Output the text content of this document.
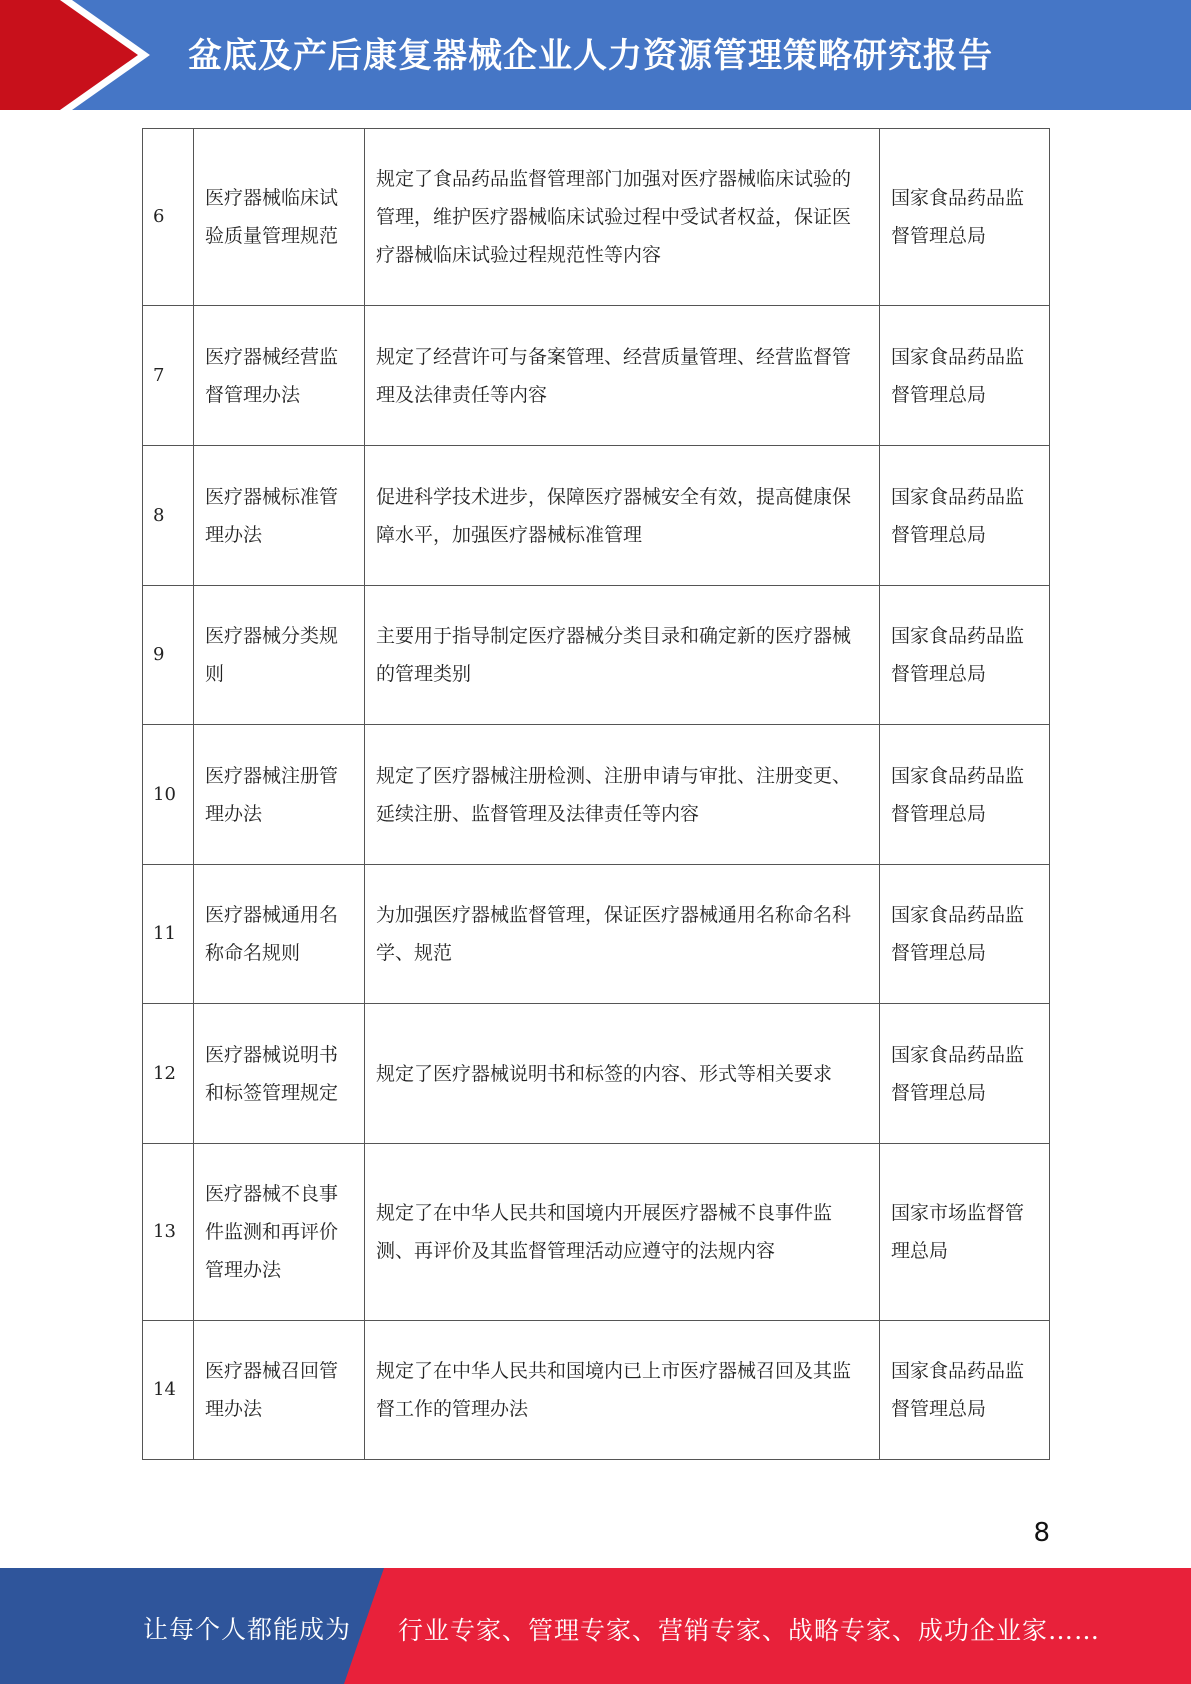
盆底及产后康复器械企业人力资源管理策略研究报告
6	医疗器械临床试验质量管理规范	规定了食品药品监督管理部门加强对医疗器械临床试验的管理，维护医疗器械临床试验过程中受试者权益，保证医疗器械临床试验过程规范性等内容	国家食品药品监督管理总局
7	医疗器械经营监督管理办法	规定了经营许可与备案管理、经营质量管理、经营监督管理及法律责任等内容	国家食品药品监督管理总局
8	医疗器械标准管理办法	促进科学技术进步，保障医疗器械安全有效，提高健康保障水平，加强医疗器械标准管理	国家食品药品监督管理总局
9	医疗器械分类规则	主要用于指导制定医疗器械分类目录和确定新的医疗器械的管理类别	国家食品药品监督管理总局
10	医疗器械注册管理办法	规定了医疗器械注册检测、注册申请与审批、注册变更、延续注册、监督管理及法律责任等内容	国家食品药品监督管理总局
11	医疗器械通用名称命名规则	为加强医疗器械监督管理，保证医疗器械通用名称命名科学、规范	国家食品药品监督管理总局
12	医疗器械说明书和标签管理规定	规定了医疗器械说明书和标签的内容、形式等相关要求	国家食品药品监督管理总局
13	医疗器械不良事件监测和再评价管理办法	规定了在中华人民共和国境内开展医疗器械不良事件监测、再评价及其监督管理活动应遵守的法规内容	国家市场监督管理总局
14	医疗器械召回管理办法	规定了在中华人民共和国境内已上市医疗器械召回及其监督工作的管理办法	国家食品药品监督管理总局
8
让每个人都能成为 行业专家、管理专家、营销专家、战略专家、成功企业家……
